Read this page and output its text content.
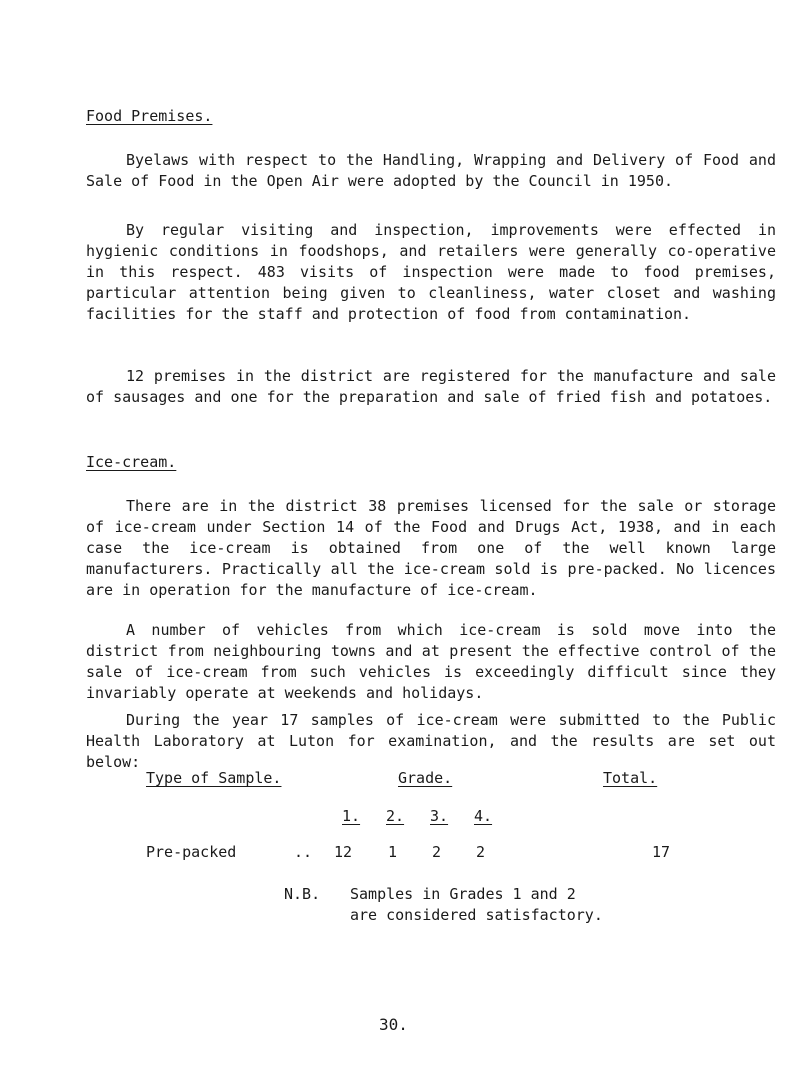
Food Premises.

Byelaws with respect to the Handling, Wrapping and Delivery of Food and Sale of Food in the Open Air were adopted by the Council in 1950.

By regular visiting and inspection, improvements were effected in hygienic conditions in foodshops, and retailers were generally co-operative in this respect. 483 visits of inspection were made to food premises, particular attention being given to cleanliness, water closet and washing facilities for the staff and protection of food from contamination.

12 premises in the district are registered for the manufacture and sale of sausages and one for the preparation and sale of fried fish and potatoes.

Ice-cream.

There are in the district 38 premises licensed for the sale or storage of ice-cream under Section 14 of the Food and Drugs Act, 1938, and in each case the ice-cream is obtained from one of the well known large manufacturers. Practically all the ice-cream sold is pre-packed. No licences are in operation for the manufacture of ice-cream.

A number of vehicles from which ice-cream is sold move into the district from neighbouring towns and at present the effective control of the sale of ice-cream from such vehicles is exceedingly difficult since they invariably operate at weekends and holidays.

During the year 17 samples of ice-cream were submitted to the Public Health Laboratory at Luton for examination, and the results are set out below:

Type of Sample.	Grade.	Total.
1. 2. 3. 4.
Pre-packed	.. 12 1 2 2	17
N.B. Samples in Grades 1 and 2
are considered satisfactory.
30.
